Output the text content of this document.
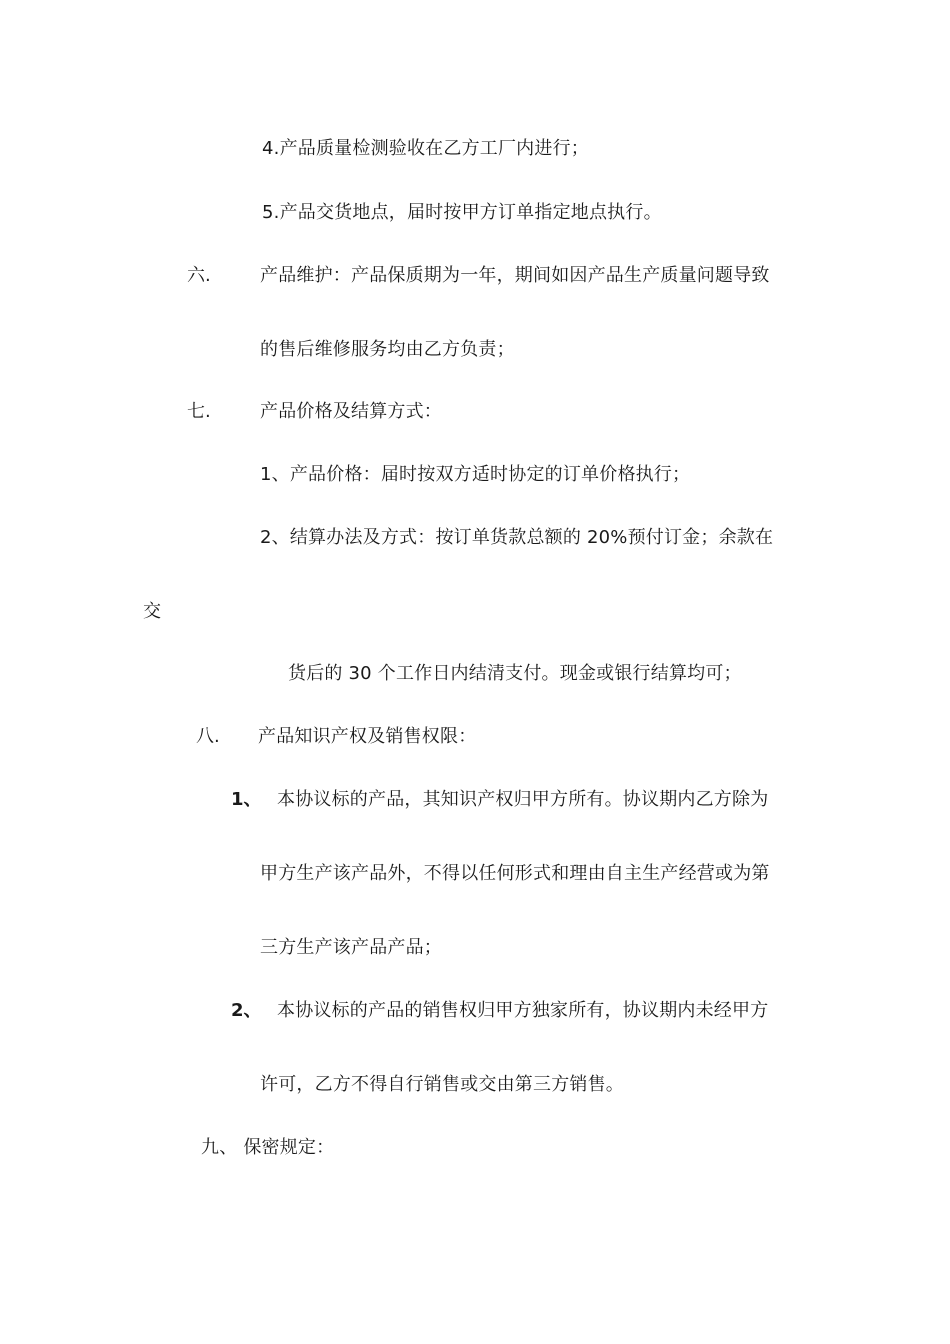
4.产品质量检测验收在乙方工厂内进行；
5.产品交货地点，届时按甲方订单指定地点执行。
六.	产品维护：产品保质期为一年，期间如因产品生产质量问题导致
的售后维修服务均由乙方负责；
七.	产品价格及结算方式：
1、产品价格：届时按双方适时协定的订单价格执行；
2、结算办法及方式：按订单货款总额的 20%预付订金；余款在
交
货后的 30 个工作日内结清支付。现金或银行结算均可；
八. 产品知识产权及销售权限：
1、 本协议标的产品，其知识产权归甲方所有。协议期内乙方除为
甲方生产该产品外，不得以任何形式和理由自主生产经营或为第
三方生产该产品产品；
2、 本协议标的产品的销售权归甲方独家所有，协议期内未经甲方
许可，乙方不得自行销售或交由第三方销售。
九、 保密规定：
